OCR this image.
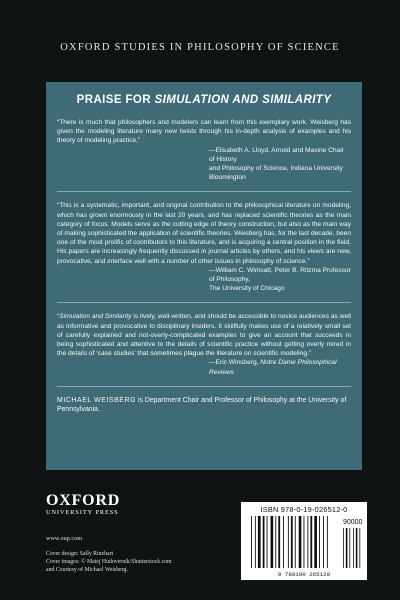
OXFORD STUDIES IN PHILOSOPHY OF SCIENCE
PRAISE FOR SIMULATION AND SIMILARITY

“There is much that philosophers and modelers can learn from this exemplary work. Weisberg has given the modeling literature many new twists through his in-depth analysis of examples and his theory of modeling practice.”

—Elisabeth A. Lloyd, Arnold and Maxine Chair of History

and Philosophy of Science, Indiana University Bloomington

“This is a systematic, important, and original contribution to the philosophical literature on modeling, which has grown enormously in the last 20 years, and has replaced scientific theories as the main category of focus. Models serve as the cutting edge of theory construction, but also as the main way of making sophisticated the application of scientific theories. Weisberg has, for the last decade, been one of the most prolific of contributors to this literature, and is acquiring a central position in the field. His papers are increasingly frequently discussed in journal articles by others, and his views are new, provocative, and interface well with a number of other issues in philosophy of science.”

—William C. Wimsatt, Peter B. Ritzma Professor of Philosophy,

The University of Chicago

“Simulation and Similarity is lively, well-written, and should be accessible to novice audiences as well as informative and provocative to disciplinary insiders. It skillfully makes use of a relatively small set of carefully explained and not-overly-complicated examples to give an account that succeeds in being sophisticated and attentive to the details of scientific practice without getting overly mired in the details of ‘case studies’ that sometimes plague the literature on scientific modeling.”

—Eric Winsberg, Notre Dame Philosophical Reviews

MICHAEL WEISBERG is Department Chair and Professor of Philosophy at the University of Pennsylvania.

OXFORD
UNIVERSITY PRESS
www.oup.com
Cover design: Sally Rinehart
Cover images: © Matej Hudovernik/Shutterstock.com
and Courtesy of Michael Weisberg.
ISBN 978-0-19-026512-0
90000
9 780190 265120
